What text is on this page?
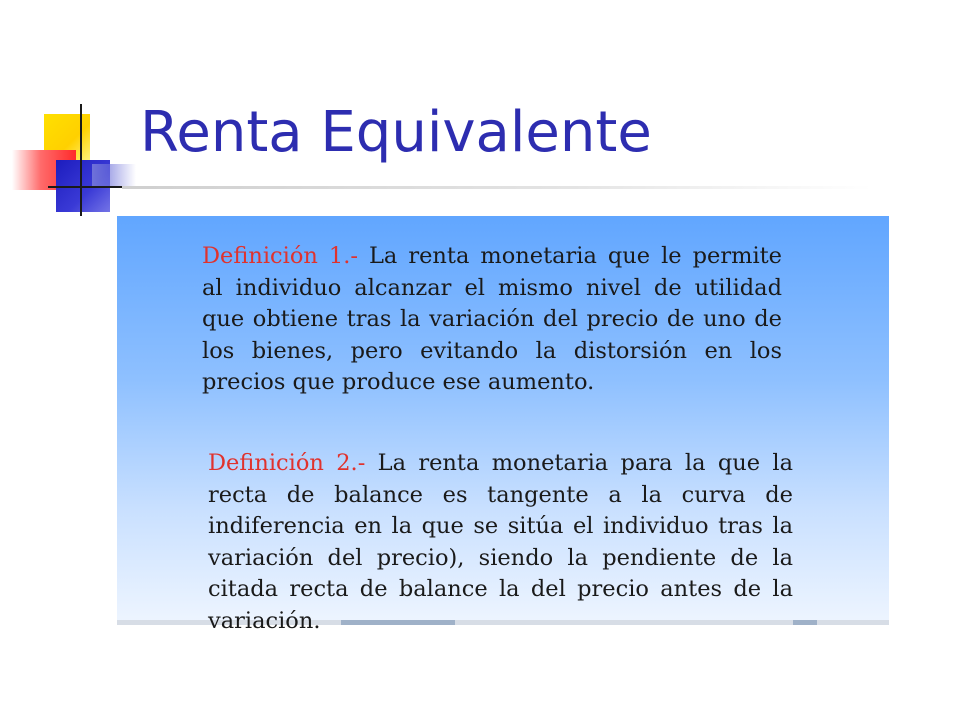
Renta Equivalente
Definición 1.- La renta monetaria que le permite al individuo alcanzar el mismo nivel de utilidad que obtiene tras la variación del precio de uno de los bienes, pero evitando la distorsión en los precios que produce ese aumento.
Definición 2.- La renta monetaria para la que la recta de balance es tangente a la curva de indiferencia en la que se sitúa el individuo tras la variación del precio), siendo la pendiente de la citada recta de balance la del precio antes de la variación.
